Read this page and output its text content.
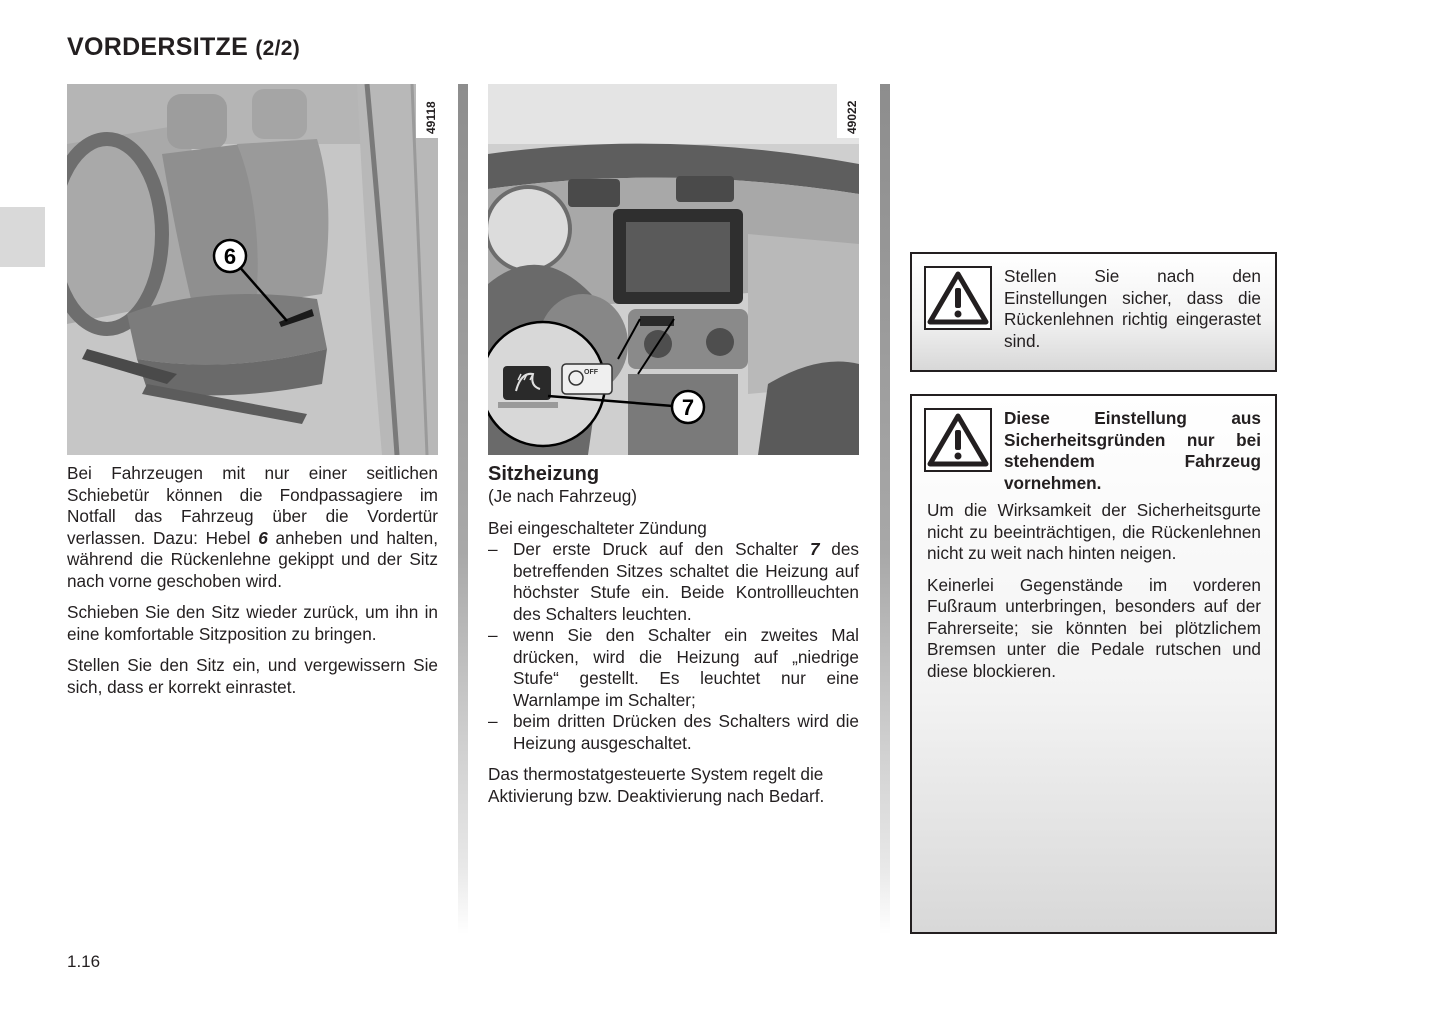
VORDERSITZE (2/2)
6
49118
OFF
7
49022

Bei Fahrzeugen mit nur einer seitlichen Schiebetür können die Fondpassagiere im Notfall das Fahrzeug über die Vordertür verlassen. Dazu: Hebel 6 anheben und halten, während die Rückenlehne gekippt und der Sitz nach vorne geschoben wird.

Schieben Sie den Sitz wieder zurück, um ihn in eine komfortable Sitzposition zu bringen.

Stellen Sie den Sitz ein, und vergewissern Sie sich, dass er korrekt einrastet.

Sitzheizung

(Je nach Fahrzeug)

Bei eingeschalteter Zündung
– Der erste Druck auf den Schalter 7 des betreffenden Sitzes schaltet die Heizung auf höchster Stufe ein. Beide Kontrollleuchten des Schalters leuchten.
– wenn Sie den Schalter ein zweites Mal drücken, wird die Heizung auf „niedrige Stufe“ gestellt. Es leuchtet nur eine Warnlampe im Schalter;
– beim dritten Drücken des Schalters wird die Heizung ausgeschaltet.

Das thermostatgesteuerte System regelt die Aktivierung bzw. Deaktivierung nach Bedarf.

Stellen Sie nach den Einstellungen sicher, dass die Rückenlehnen richtig eingerastet sind.
Diese Einstellung aus Sicherheitsgründen nur bei stehendem Fahrzeug vornehmen.

Um die Wirksamkeit der Sicherheitsgurte nicht zu beeinträchtigen, die Rückenlehnen nicht zu weit nach hinten neigen.

Keinerlei Gegenstände im vorderen Fußraum unterbringen, besonders auf der Fahrerseite; sie könnten bei plötzlichem Bremsen unter die Pedale rutschen und diese blockieren.

1.16
